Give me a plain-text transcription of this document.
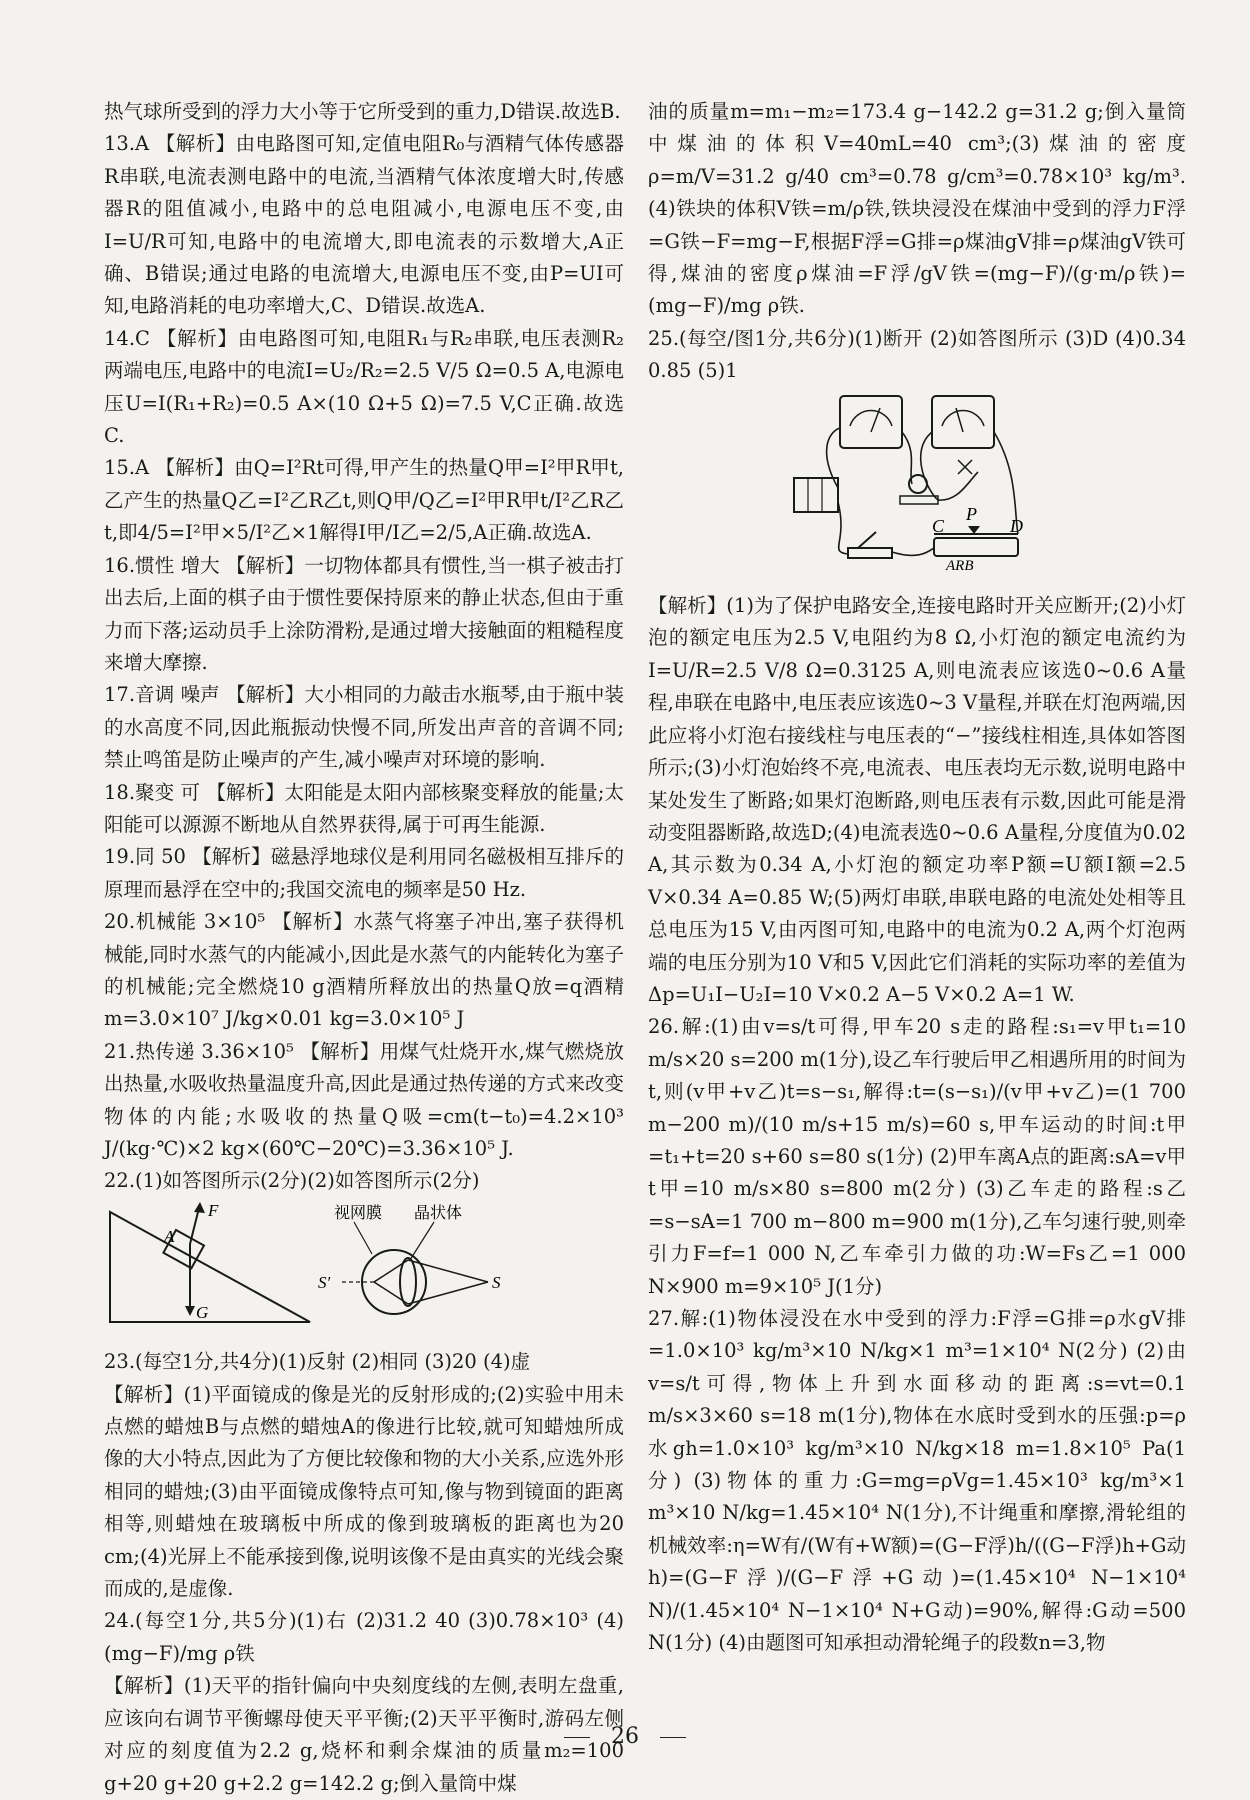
热气球所受到的浮力大小等于它所受到的重力,D错误.故选B.

13.A 【解析】由电路图可知,定值电阻R₀与酒精气体传感器R串联,电流表测电路中的电流,当酒精气体浓度增大时,传感器R的阻值减小,电路中的总电阻减小,电源电压不变,由I=U/R可知,电路中的电流增大,即电流表的示数增大,A正确、B错误;通过电路的电流增大,电源电压不变,由P=UI可知,电路消耗的电功率增大,C、D错误.故选A.

14.C 【解析】由电路图可知,电阻R₁与R₂串联,电压表测R₂两端电压,电路中的电流I=U₂/R₂=2.5 V/5 Ω=0.5 A,电源电压U=I(R₁+R₂)=0.5 A×(10 Ω+5 Ω)=7.5 V,C正确.故选C.

15.A 【解析】由Q=I²Rt可得,甲产生的热量Q甲=I²甲R甲t,乙产生的热量Q乙=I²乙R乙t,则Q甲/Q乙=I²甲R甲t/I²乙R乙t,即4/5=I²甲×5/I²乙×1解得I甲/I乙=2/5,A正确.故选A.

16.惯性 增大 【解析】一切物体都具有惯性,当一棋子被击打出去后,上面的棋子由于惯性要保持原来的静止状态,但由于重力而下落;运动员手上涂防滑粉,是通过增大接触面的粗糙程度来增大摩擦.

17.音调 噪声 【解析】大小相同的力敲击水瓶琴,由于瓶中装的水高度不同,因此瓶振动快慢不同,所发出声音的音调不同;禁止鸣笛是防止噪声的产生,减小噪声对环境的影响.

18.聚变 可 【解析】太阳能是太阳内部核聚变释放的能量;太阳能可以源源不断地从自然界获得,属于可再生能源.

19.同 50 【解析】磁悬浮地球仪是利用同名磁极相互排斥的原理而悬浮在空中的;我国交流电的频率是50 Hz.

20.机械能 3×10⁵ 【解析】水蒸气将塞子冲出,塞子获得机械能,同时水蒸气的内能减小,因此是水蒸气的内能转化为塞子的机械能;完全燃烧10 g酒精所释放出的热量Q放=q酒精m=3.0×10⁷ J/kg×0.01 kg=3.0×10⁵ J

21.热传递 3.36×10⁵ 【解析】用煤气灶烧开水,煤气燃烧放出热量,水吸收热量温度升高,因此是通过热传递的方式来改变物体的内能;水吸收的热量Q吸=cm(t−t₀)=4.2×10³ J/(kg·℃)×2 kg×(60℃−20℃)=3.36×10⁵ J.

22.(1)如答图所示(2分)(2)如答图所示(2分)

A
F
G
视网膜 晶状体
S′	S

23.(每空1分,共4分)(1)反射 (2)相同 (3)20 (4)虚

【解析】(1)平面镜成的像是光的反射形成的;(2)实验中用未点燃的蜡烛B与点燃的蜡烛A的像进行比较,就可知蜡烛所成像的大小特点,因此为了方便比较像和物的大小关系,应选外形相同的蜡烛;(3)由平面镜成像特点可知,像与物到镜面的距离相等,则蜡烛在玻璃板中所成的像到玻璃板的距离也为20 cm;(4)光屏上不能承接到像,说明该像不是由真实的光线会聚而成的,是虚像.

24.(每空1分,共5分)(1)右 (2)31.2 40 (3)0.78×10³ (4)(mg−F)/mg ρ铁

【解析】(1)天平的指针偏向中央刻度线的左侧,表明左盘重,应该向右调节平衡螺母使天平平衡;(2)天平平衡时,游码左侧对应的刻度值为2.2 g,烧杯和剩余煤油的质量m₂=100 g+20 g+20 g+2.2 g=142.2 g;倒入量筒中煤

油的质量m=m₁−m₂=173.4 g−142.2 g=31.2 g;倒入量筒中煤油的体积V=40mL=40 cm³;(3)煤油的密度ρ=m/V=31.2 g/40 cm³=0.78 g/cm³=0.78×10³ kg/m³.(4)铁块的体积V铁=m/ρ铁,铁块浸没在煤油中受到的浮力F浮=G铁−F=mg−F,根据F浮=G排=ρ煤油gV排=ρ煤油gV铁可得,煤油的密度ρ煤油=F浮/gV铁=(mg−F)/(g·m/ρ铁)=(mg−F)/mg ρ铁.

25.(每空/图1分,共6分)(1)断开 (2)如答图所示 (3)D (4)0.34 0.85 (5)1

C
P
D
ARB

【解析】(1)为了保护电路安全,连接电路时开关应断开;(2)小灯泡的额定电压为2.5 V,电阻约为8 Ω,小灯泡的额定电流约为I=U/R=2.5 V/8 Ω=0.3125 A,则电流表应该选0~0.6 A量程,串联在电路中,电压表应该选0~3 V量程,并联在灯泡两端,因此应将小灯泡右接线柱与电压表的“−”接线柱相连,具体如答图所示;(3)小灯泡始终不亮,电流表、电压表均无示数,说明电路中某处发生了断路;如果灯泡断路,则电压表有示数,因此可能是滑动变阻器断路,故选D;(4)电流表选0~0.6 A量程,分度值为0.02 A,其示数为0.34 A,小灯泡的额定功率P额=U额I额=2.5 V×0.34 A=0.85 W;(5)两灯串联,串联电路的电流处处相等且总电压为15 V,由丙图可知,电路中的电流为0.2 A,两个灯泡两端的电压分别为10 V和5 V,因此它们消耗的实际功率的差值为Δp=U₁I−U₂I=10 V×0.2 A−5 V×0.2 A=1 W.

26.解:(1)由v=s/t可得,甲车20 s走的路程:s₁=v甲t₁=10 m/s×20 s=200 m(1分),设乙车行驶后甲乙相遇所用的时间为t,则(v甲+v乙)t=s−s₁,解得:t=(s−s₁)/(v甲+v乙)=(1 700 m−200 m)/(10 m/s+15 m/s)=60 s,甲车运动的时间:t甲=t₁+t=20 s+60 s=80 s(1分) (2)甲车离A点的距离:sA=v甲t甲=10 m/s×80 s=800 m(2分) (3)乙车走的路程:s乙=s−sA=1 700 m−800 m=900 m(1分),乙车匀速行驶,则牵引力F=f=1 000 N,乙车牵引力做的功:W=Fs乙=1 000 N×900 m=9×10⁵ J(1分)

27.解:(1)物体浸没在水中受到的浮力:F浮=G排=ρ水gV排=1.0×10³ kg/m³×10 N/kg×1 m³=1×10⁴ N(2分) (2)由v=s/t可得,物体上升到水面移动的距离:s=vt=0.1 m/s×3×60 s=18 m(1分),物体在水底时受到水的压强:p=ρ水gh=1.0×10³ kg/m³×10 N/kg×18 m=1.8×10⁵ Pa(1分) (3)物体的重力:G=mg=ρVg=1.45×10³ kg/m³×1 m³×10 N/kg=1.45×10⁴ N(1分),不计绳重和摩擦,滑轮组的机械效率:η=W有/(W有+W额)=(G−F浮)h/((G−F浮)h+G动h)=(G−F浮)/(G−F浮+G动)=(1.45×10⁴ N−1×10⁴ N)/(1.45×10⁴ N−1×10⁴ N+G动)=90%,解得:G动=500 N(1分) (4)由题图可知承担动滑轮绳子的段数n=3,物

26
